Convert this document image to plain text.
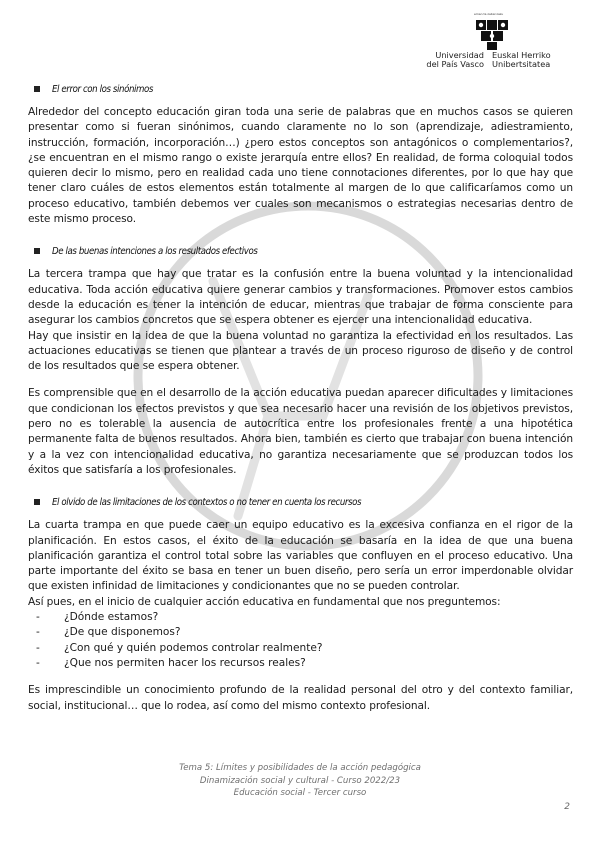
eman ta zabal zazu
Universidad
del País Vasco
Euskal Herriko
Unibertsitatea
El error con los sinónimos

Alrededor del concepto educación giran toda una serie de palabras que en muchos casos se quieren presentar como si fueran sinónimos, cuando claramente no lo son (aprendizaje, adiestramiento, instrucción, formación, incorporación…) ¿pero estos conceptos son antagónicos o complementarios?, ¿se encuentran en el mismo rango o existe jerarquía entre ellos? En realidad, de forma coloquial todos quieren decir lo mismo, pero en realidad cada uno tiene connotaciones diferentes, por lo que hay que tener claro cuáles de estos elementos están totalmente al margen de lo que calificaríamos como un proceso educativo, también debemos ver cuales son mecanismos o estrategias necesarias dentro de este mismo proceso.

De las buenas intenciones a los resultados efectivos

La tercera trampa que hay que tratar es la confusión entre la buena voluntad y la intencionalidad educativa. Toda acción educativa quiere generar cambios y transformaciones. Promover estos cambios desde la educación es tener la intención de educar, mientras que trabajar de forma consciente para asegurar los cambios concretos que se espera obtener es ejercer una intencionalidad educativa.

Hay que insistir en la idea de que la buena voluntad no garantiza la efectividad en los resultados. Las actuaciones educativas se tienen que plantear a través de un proceso riguroso de diseño y de control de los resultados que se espera obtener.

Es comprensible que en el desarrollo de la acción educativa puedan aparecer dificultades y limitaciones que condicionan los efectos previstos y que sea necesario hacer una revisión de los objetivos previstos, pero no es tolerable la ausencia de autocrítica entre los profesionales frente a una hipotética permanente falta de buenos resultados. Ahora bien, también es cierto que trabajar con buena intención y a la vez con intencionalidad educativa, no garantiza necesariamente que se produzcan todos los éxitos que satisfaría a los profesionales.

El olvido de las limitaciones de los contextos o no tener en cuenta los recursos

La cuarta trampa en que puede caer un equipo educativo es la excesiva confianza en el rigor de la planificación. En estos casos, el éxito de la educación se basaría en la idea de que una buena planificación garantiza el control total sobre las variables que confluyen en el proceso educativo. Una parte importante del éxito se basa en tener un buen diseño, pero sería un error imperdonable olvidar que existen infinidad de limitaciones y condicionantes que no se pueden controlar.

Así pues, en el inicio de cualquier acción educativa en fundamental que nos preguntemos:

-	¿Dónde estamos?
-	¿De que disponemos?
-	¿Con qué y quién podemos controlar realmente?
-	¿Que nos permiten hacer los recursos reales?

Es imprescindible un conocimiento profundo de la realidad personal del otro y del contexto familiar, social, institucional… que lo rodea, así como del mismo contexto profesional.

Tema 5: Límites y posibilidades de la acción pedagógica
Dinamización social y cultural - Curso 2022/23
Educación social - Tercer curso
2
